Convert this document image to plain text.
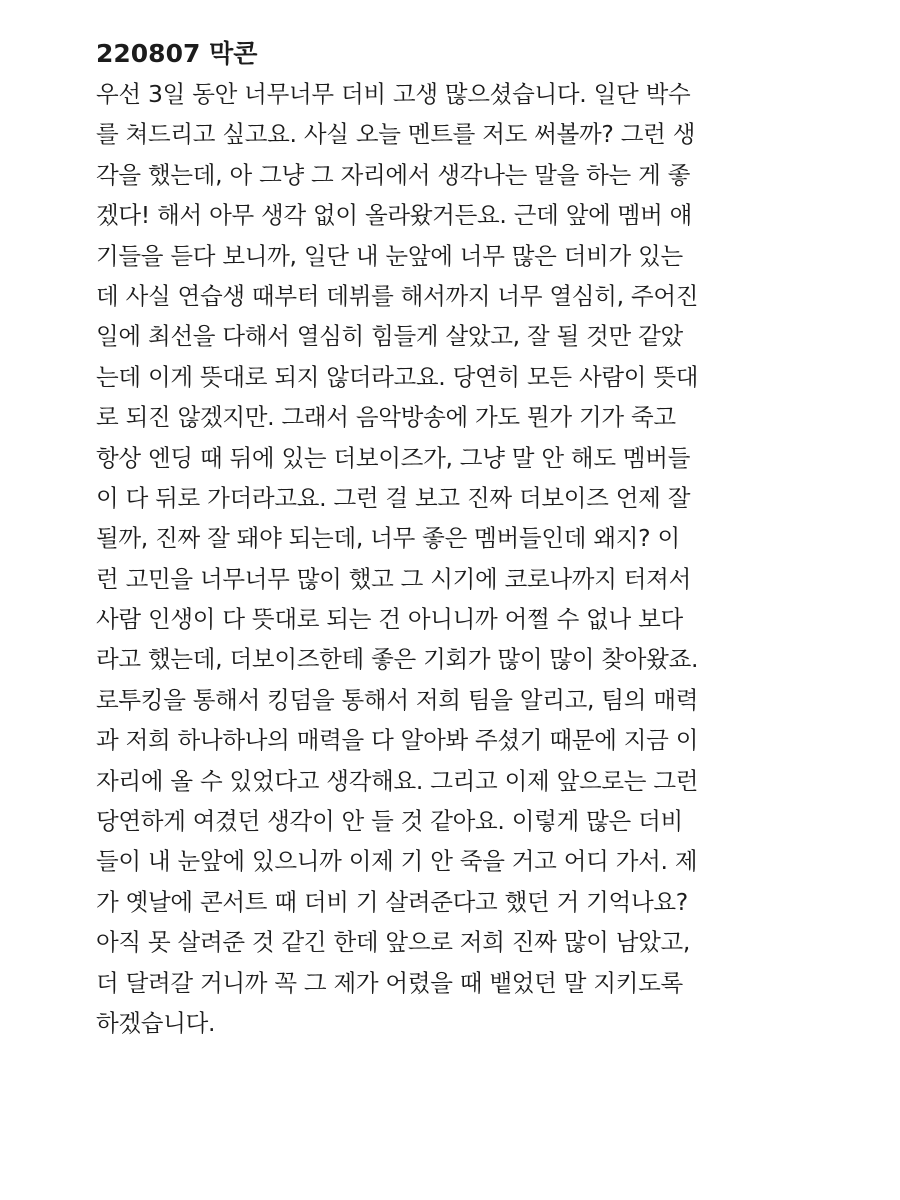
220807 막콘
우선 3일 동안 너무너무 더비 고생 많으셨습니다. 일단 박수
를 쳐드리고 싶고요. 사실 오늘 멘트를 저도 써볼까? 그런 생
각을 했는데, 아 그냥 그 자리에서 생각나는 말을 하는 게 좋
겠다! 해서 아무 생각 없이 올라왔거든요. 근데 앞에 멤버 얘
기들을 듣다 보니까, 일단 내 눈앞에 너무 많은 더비가 있는
데 사실 연습생 때부터 데뷔를 해서까지 너무 열심히, 주어진
일에 최선을 다해서 열심히 힘들게 살았고, 잘 될 것만 같았
는데 이게 뜻대로 되지 않더라고요. 당연히 모든 사람이 뜻대
로 되진 않겠지만. 그래서 음악방송에 가도 뭔가 기가 죽고
항상 엔딩 때 뒤에 있는 더보이즈가, 그냥 말 안 해도 멤버들
이 다 뒤로 가더라고요. 그런 걸 보고 진짜 더보이즈 언제 잘
될까, 진짜 잘 돼야 되는데, 너무 좋은 멤버들인데 왜지? 이
런 고민을 너무너무 많이 했고 그 시기에 코로나까지 터져서
사람 인생이 다 뜻대로 되는 건 아니니까 어쩔 수 없나 보다
라고 했는데, 더보이즈한테 좋은 기회가 많이 많이 찾아왔죠.
로투킹을 통해서 킹덤을 통해서 저희 팀을 알리고, 팀의 매력
과 저희 하나하나의 매력을 다 알아봐 주셨기 때문에 지금 이
자리에 올 수 있었다고 생각해요. 그리고 이제 앞으로는 그런
당연하게 여겼던 생각이 안 들 것 같아요. 이렇게 많은 더비
들이 내 눈앞에 있으니까 이제 기 안 죽을 거고 어디 가서. 제
가 옛날에 콘서트 때 더비 기 살려준다고 했던 거 기억나요?
아직 못 살려준 것 같긴 한데 앞으로 저희 진짜 많이 남았고,
더 달려갈 거니까 꼭 그 제가 어렸을 때 뱉었던 말 지키도록
하겠습니다.
